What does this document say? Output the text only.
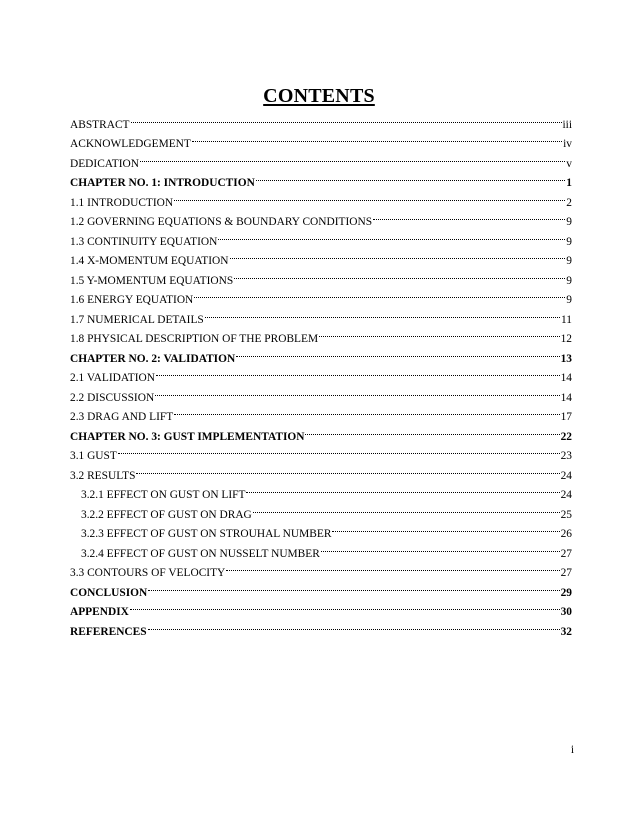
CONTENTS
ABSTRACT	iii
ACKNOWLEDGEMENT	iv
DEDICATION	v
CHAPTER NO. 1: INTRODUCTION	1
1.1 INTRODUCTION	2
1.2 GOVERNING EQUATIONS & BOUNDARY CONDITIONS	9
1.3 CONTINUITY EQUATION	9
1.4 X-MOMENTUM EQUATION	9
1.5 Y-MOMENTUM EQUATIONS	9
1.6 ENERGY EQUATION	9
1.7 NUMERICAL DETAILS	11
1.8 PHYSICAL DESCRIPTION OF THE PROBLEM	12
CHAPTER NO. 2: VALIDATION	13
2.1 VALIDATION	14
2.2 DISCUSSION	14
2.3 DRAG AND LIFT	17
CHAPTER NO. 3: GUST IMPLEMENTATION	22
3.1 GUST	23
3.2 RESULTS	24
3.2.1 EFFECT ON GUST ON LIFT	24
3.2.2 EFFECT OF GUST ON DRAG	25
3.2.3 EFFECT OF GUST ON STROUHAL NUMBER	26
3.2.4 EFFECT OF GUST ON NUSSELT NUMBER	27
3.3 CONTOURS OF VELOCITY	27
CONCLUSION	29
APPENDIX	30
REFERENCES	32
i
